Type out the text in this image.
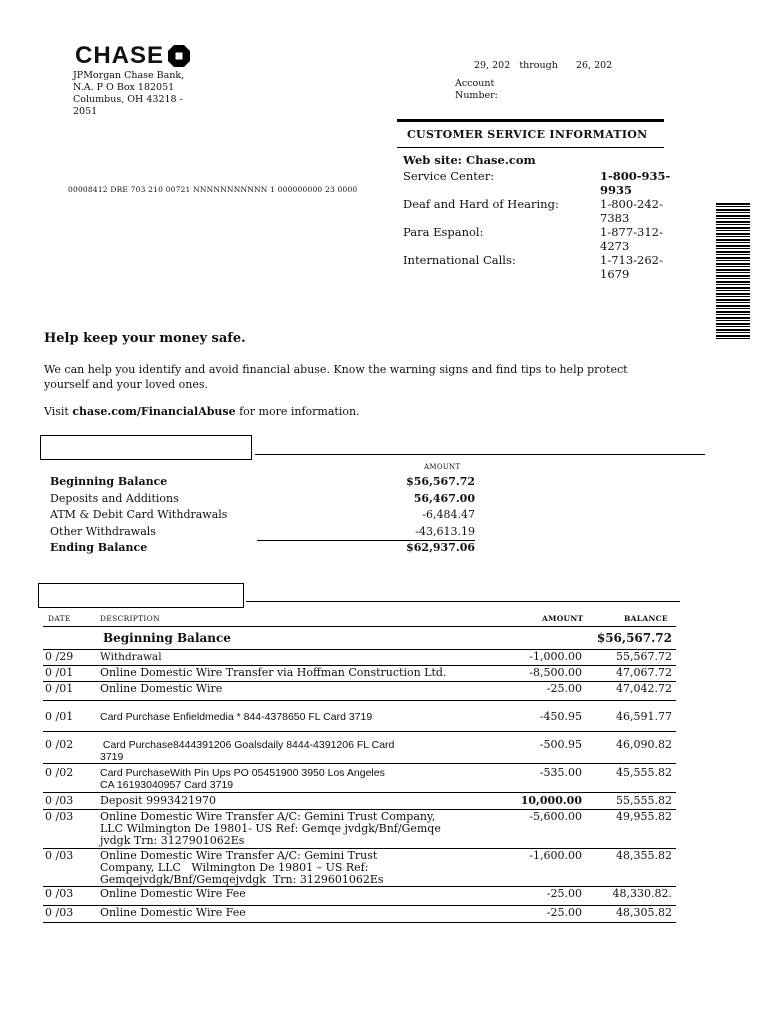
CHASE
JPMorgan Chase Bank,
N.A. P O Box 182051
Columbus, OH 43218 -
2051
29, 202 through 26, 202
Account
Number:
CUSTOMER SERVICE INFORMATION
Web site: Chase.com
Service Center:	1-800-935-9935
Deaf and Hard of Hearing:	1-800-242-7383
Para Espanol:	1-877-312-4273
International Calls:	1-713-262-1679
00008412 DRE 703 210 00721 NNNNNNNNNNN 1 000000000 23 0000
Help keep your money safe.
We can help you identify and avoid financial abuse. Know the warning signs and find tips to help protect yourself and your loved ones.
Visit chase.com/FinancialAbuse for more information.
AMOUNT
Beginning Balance	$56,567.72
Deposits and Additions	56,467.00
ATM & Debit Card Withdrawals	-6,484.47
Other Withdrawals	-43,613.19
Ending Balance	$62,937.06
DATE	DESCRIPTION	AMOUNT	BALANCE
Beginning Balance	$56,567.72
0 /29	Withdrawal	-1,000.00	55,567.72
0 /01 Online Domestic Wire Transfer via Hoffman Construction Ltd.	-8,500.00	47,067.72
0 /01 Online Domestic Wire	-25.00	47,042.72
0 /01	Card Purchase Enfieldmedia * 844-4378650 FL Card 3719	-450.95	46,591.77
0 /02	Card Purchase8444391206 Goalsdaily 8444-4391206 FL Card
3719
-500.95	46,090.82
0 /02	Card PurchaseWith Pin Ups PO 05451900 3950 Los Angeles
CA 16193040957 Card 3719
-535.00	45,555.82
0 /03 Deposit 9993421970	10,000.00	55,555.82
0 /03 Online Domestic Wire Transfer A/C: Gemini Trust Company,
LLC Wilmington De 19801- US Ref: Gemqe jvdgk/Bnf/Gemqe
jvdgk Trn: 3127901062Es
-5,600.00	49,955.82
0 /03 Online Domestic Wire Transfer A/C: Gemini Trust
Company, LLC   Wilmington De 19801 – US Ref:
Gemqejvdgk/Bnf/Gemqejvdgk  Trn: 3129601062Es
-1,600.00	48,355.82
0 /03 Online Domestic Wire Fee	-25.00	48,330.82.
0 /03 Online Domestic Wire Fee	-25.00	48,305.82
